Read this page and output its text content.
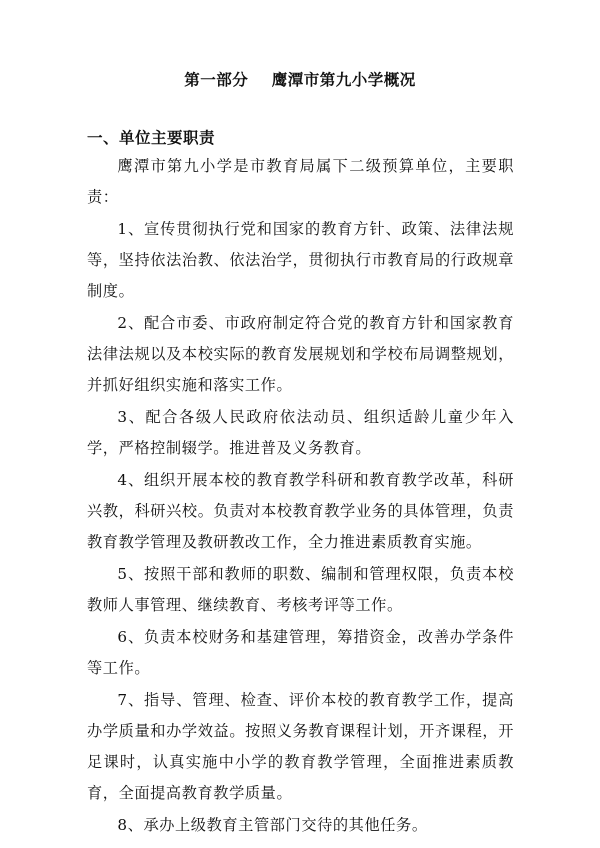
第一部分    鹰潭市第九小学概况
一、单位主要职责

鹰潭市第九小学是市教育局属下二级预算单位，主要职责：

1、宣传贯彻执行党和国家的教育方针、政策、法律法规等，坚持依法治教、依法治学，贯彻执行市教育局的行政规章制度。

2、配合市委、市政府制定符合党的教育方针和国家教育法律法规以及本校实际的教育发展规划和学校布局调整规划，并抓好组织实施和落实工作。

3、配合各级人民政府依法动员、组织适龄儿童少年入学，严格控制辍学。推进普及义务教育。

4、组织开展本校的教育教学科研和教育教学改革，科研兴教，科研兴校。负责对本校教育教学业务的具体管理，负责教育教学管理及教研教改工作，全力推进素质教育实施。

5、按照干部和教师的职数、编制和管理权限，负责本校教师人事管理、继续教育、考核考评等工作。

6、负责本校财务和基建管理，筹措资金，改善办学条件等工作。

7、指导、管理、检查、评价本校的教育教学工作，提高办学质量和办学效益。按照义务教育课程计划，开齐课程，开足课时，认真实施中小学的教育教学管理，全面推进素质教育，全面提高教育教学质量。

8、承办上级教育主管部门交待的其他任务。
